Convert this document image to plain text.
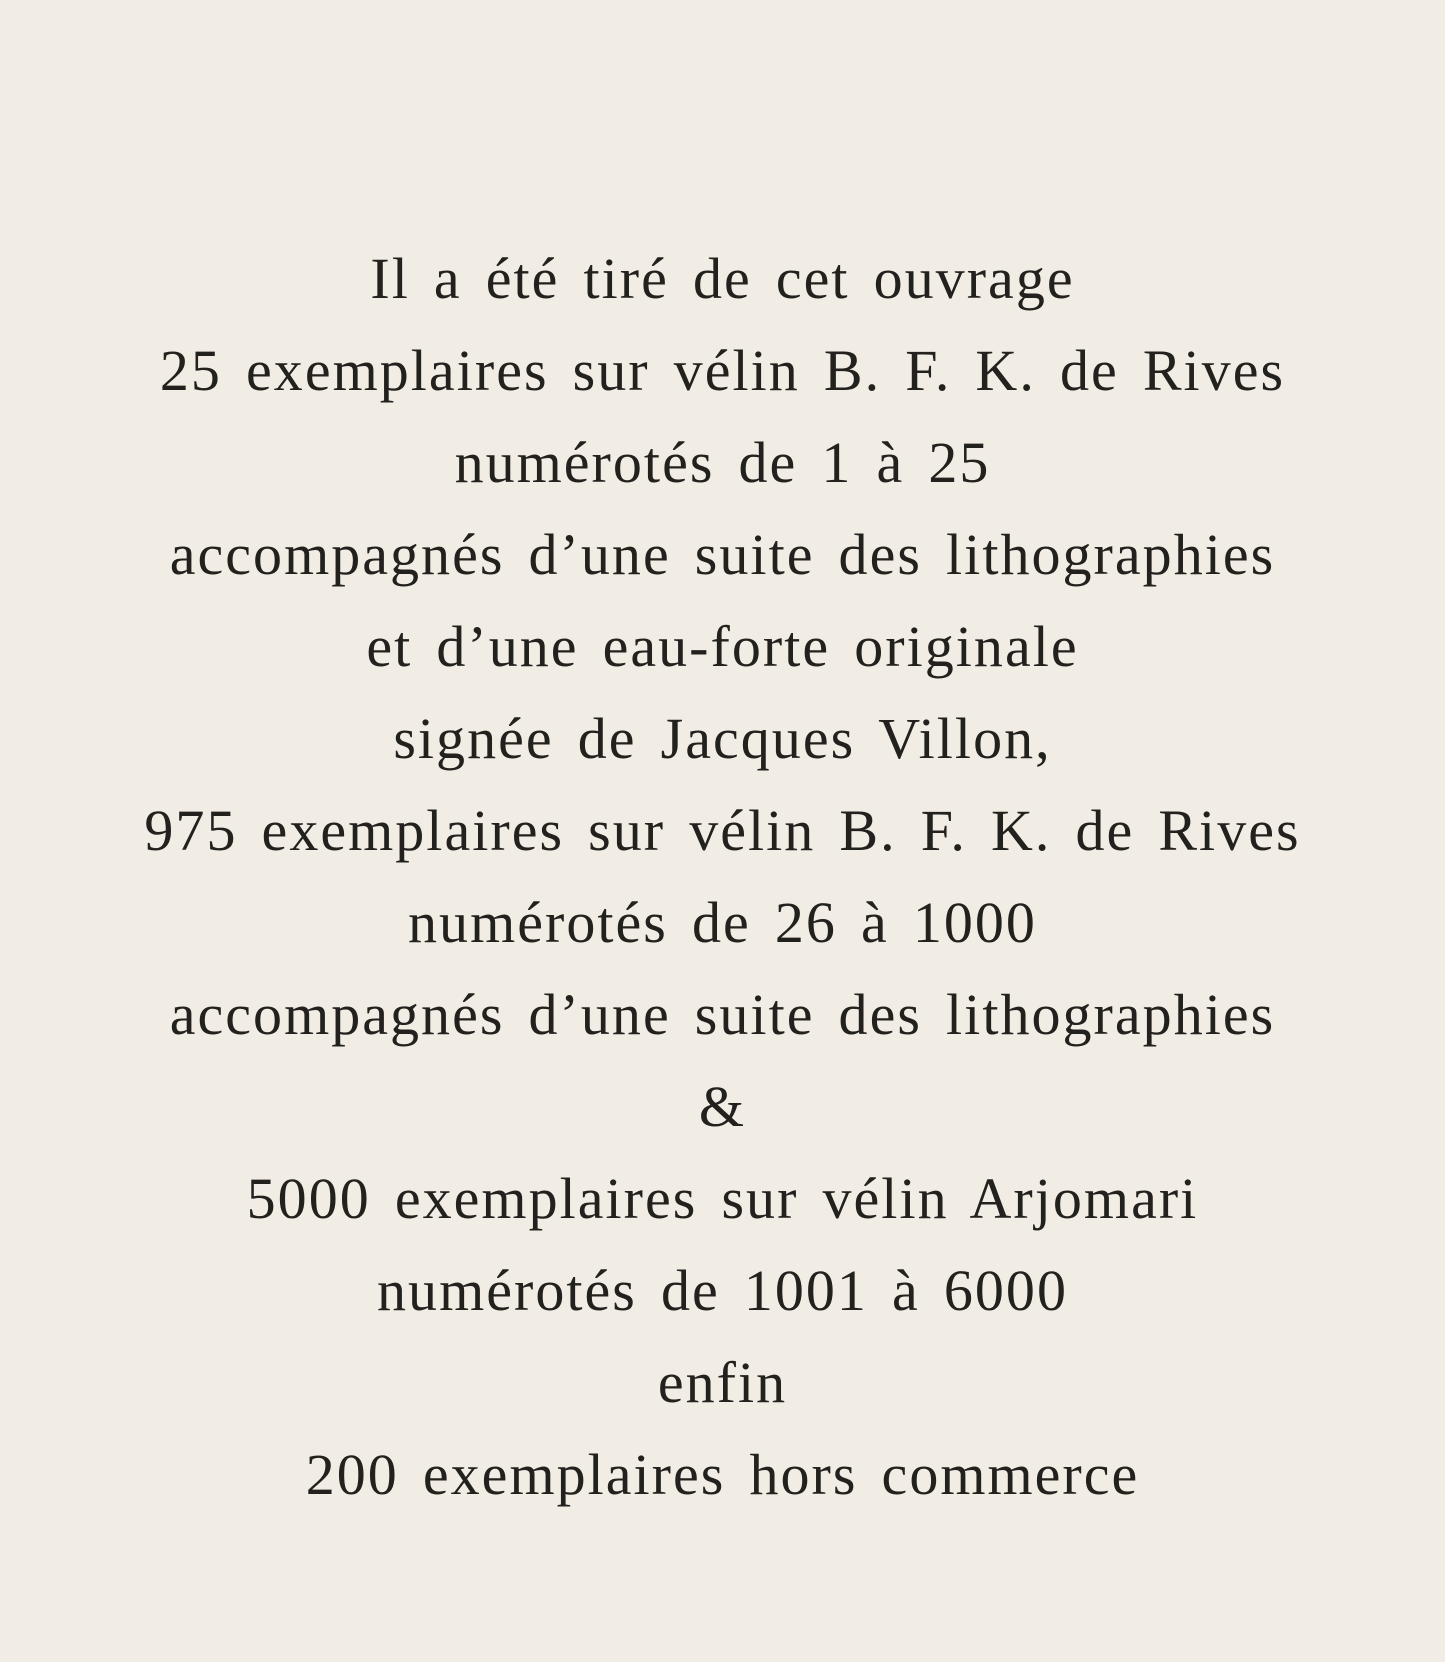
Il a été tiré de cet ouvrage
25 exemplaires sur vélin B. F. K. de Rives
numérotés de 1 à 25
accompagnés d’une suite des lithographies
et d’une eau-forte originale
signée de Jacques Villon,
975 exemplaires sur vélin B. F. K. de Rives
numérotés de 26 à 1000
accompagnés d’une suite des lithographies
&
5000 exemplaires sur vélin Arjomari
numérotés de 1001 à 6000
enfin
200 exemplaires hors commerce
